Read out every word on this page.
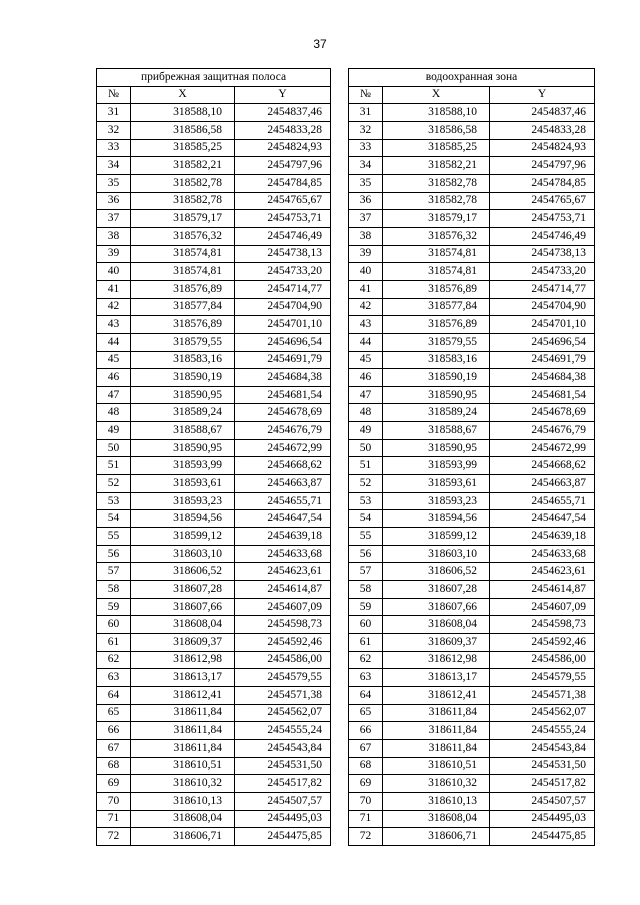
37
прибрежная защитная полоса				водоохранная зона		
№	X	Y		№	X	Y
31	318588,10	2454837,46		31	318588,10	2454837,46
32	318586,58	2454833,28		32	318586,58	2454833,28
33	318585,25	2454824,93		33	318585,25	2454824,93
34	318582,21	2454797,96		34	318582,21	2454797,96
35	318582,78	2454784,85		35	318582,78	2454784,85
36	318582,78	2454765,67		36	318582,78	2454765,67
37	318579,17	2454753,71		37	318579,17	2454753,71
38	318576,32	2454746,49		38	318576,32	2454746,49
39	318574,81	2454738,13		39	318574,81	2454738,13
40	318574,81	2454733,20		40	318574,81	2454733,20
41	318576,89	2454714,77		41	318576,89	2454714,77
42	318577,84	2454704,90		42	318577,84	2454704,90
43	318576,89	2454701,10		43	318576,89	2454701,10
44	318579,55	2454696,54		44	318579,55	2454696,54
45	318583,16	2454691,79		45	318583,16	2454691,79
46	318590,19	2454684,38		46	318590,19	2454684,38
47	318590,95	2454681,54		47	318590,95	2454681,54
48	318589,24	2454678,69		48	318589,24	2454678,69
49	318588,67	2454676,79		49	318588,67	2454676,79
50	318590,95	2454672,99		50	318590,95	2454672,99
51	318593,99	2454668,62		51	318593,99	2454668,62
52	318593,61	2454663,87		52	318593,61	2454663,87
53	318593,23	2454655,71		53	318593,23	2454655,71
54	318594,56	2454647,54		54	318594,56	2454647,54
55	318599,12	2454639,18		55	318599,12	2454639,18
56	318603,10	2454633,68		56	318603,10	2454633,68
57	318606,52	2454623,61		57	318606,52	2454623,61
58	318607,28	2454614,87		58	318607,28	2454614,87
59	318607,66	2454607,09		59	318607,66	2454607,09
60	318608,04	2454598,73		60	318608,04	2454598,73
61	318609,37	2454592,46		61	318609,37	2454592,46
62	318612,98	2454586,00		62	318612,98	2454586,00
63	318613,17	2454579,55		63	318613,17	2454579,55
64	318612,41	2454571,38		64	318612,41	2454571,38
65	318611,84	2454562,07		65	318611,84	2454562,07
66	318611,84	2454555,24		66	318611,84	2454555,24
67	318611,84	2454543,84		67	318611,84	2454543,84
68	318610,51	2454531,50		68	318610,51	2454531,50
69	318610,32	2454517,82		69	318610,32	2454517,82
70	318610,13	2454507,57		70	318610,13	2454507,57
71	318608,04	2454495,03		71	318608,04	2454495,03
72	318606,71	2454475,85		72	318606,71	2454475,85
